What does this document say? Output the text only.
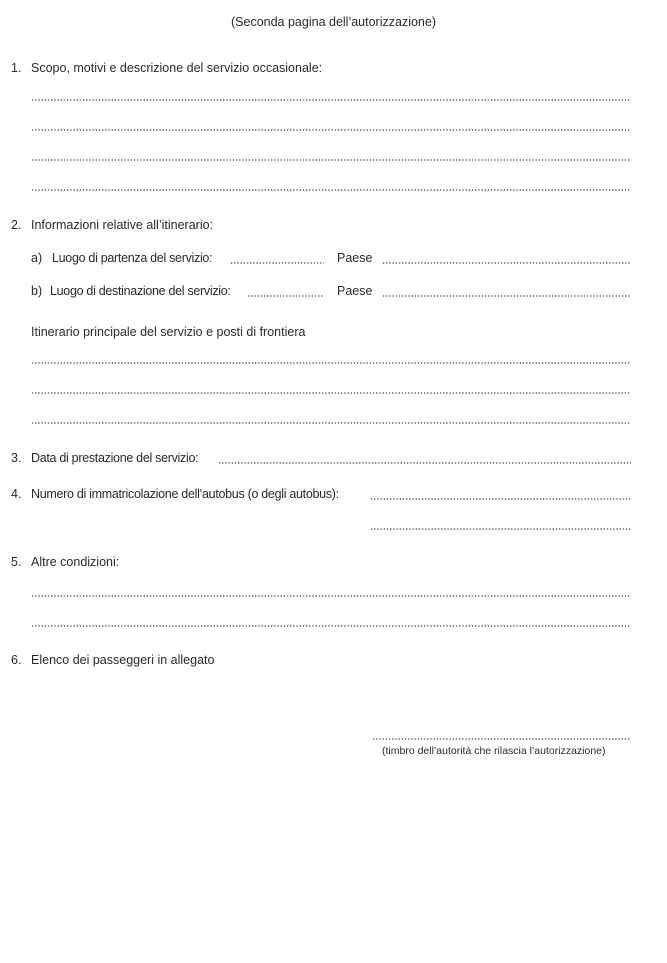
(Seconda pagina dell’autorizzazione)
1. Scopo, motivi e descrizione del servizio occasionale:
2. Informazioni relative all’itinerario:
a) Luogo di partenza del servizio:	Paese
b) Luogo di destinazione del servizio:	Paese
Itinerario principale del servizio e posti di frontiera
3. Data di prestazione del servizio:
4. Numero di immatricolazione dell’autobus (o degli autobus):
5. Altre condizioni:
6. Elenco dei passeggeri in allegato
(timbro dell’autorità che rilascia l’autorizzazione)
